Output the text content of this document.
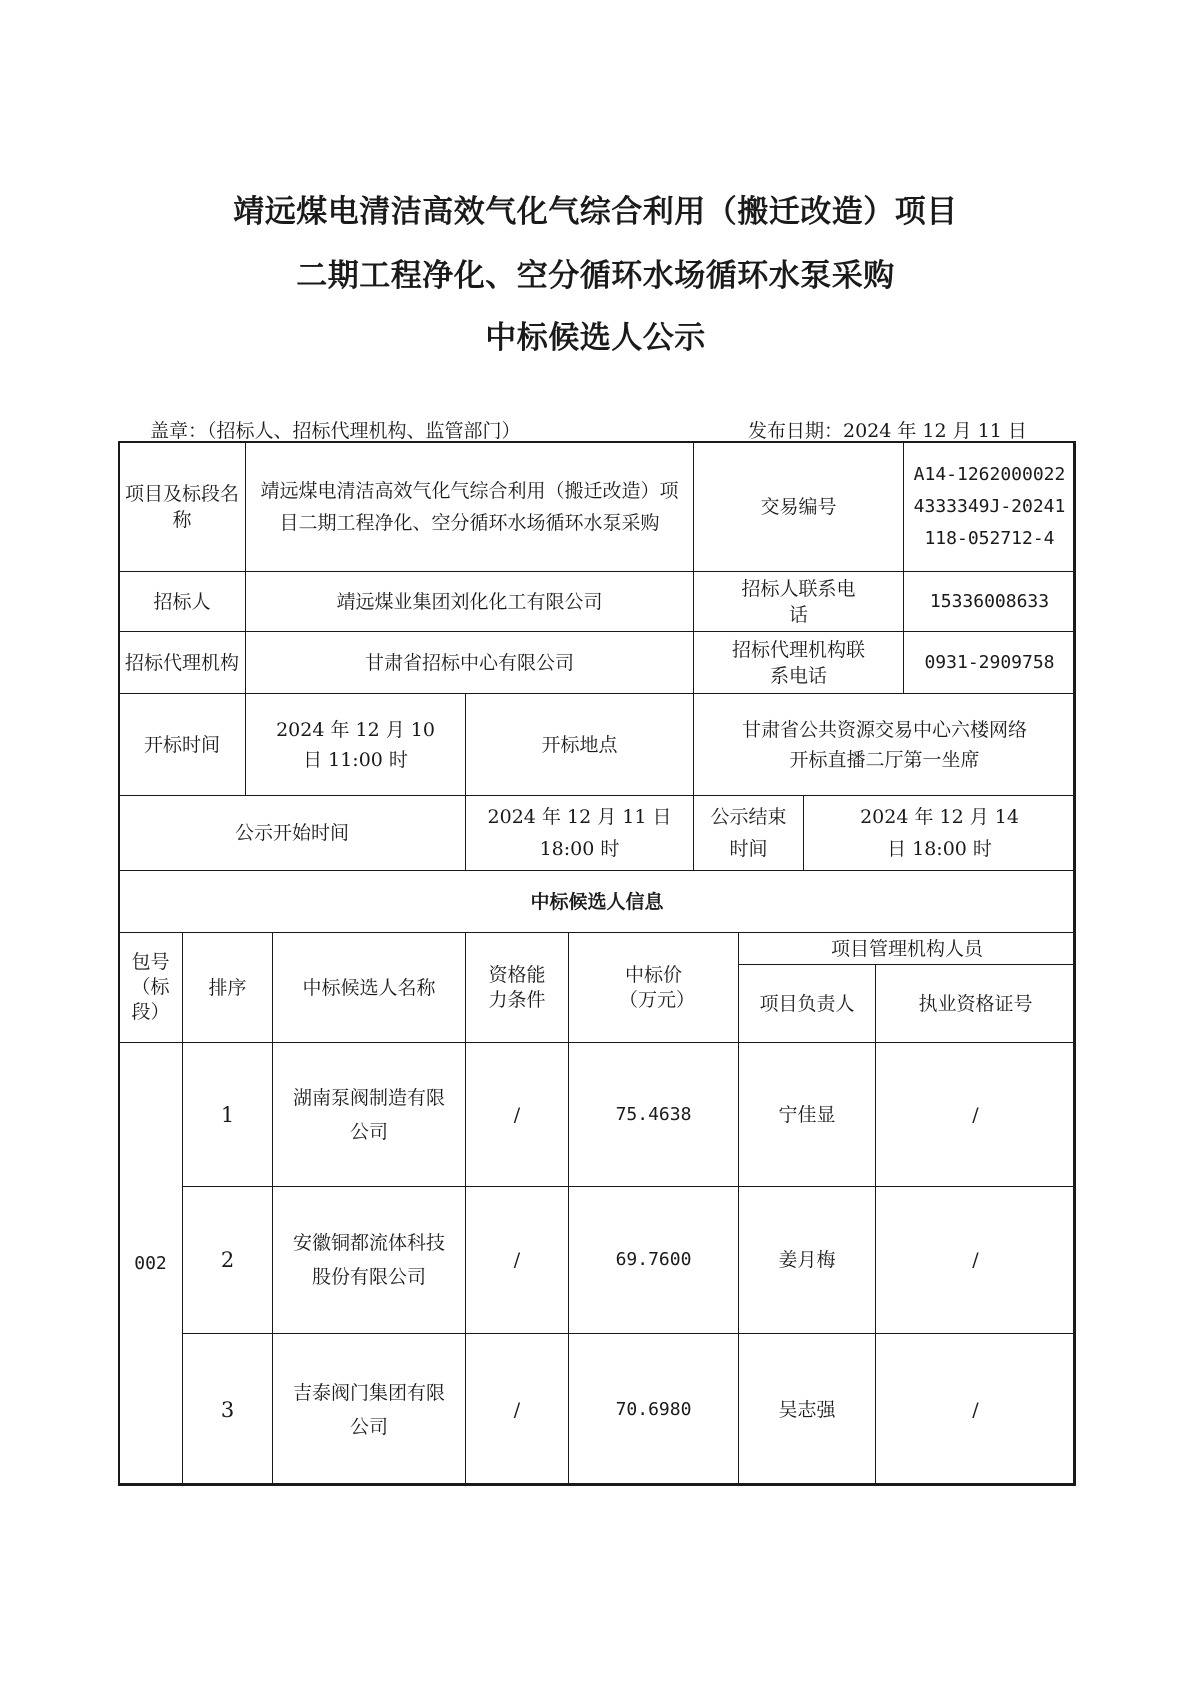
靖远煤电清洁高效气化气综合利用（搬迁改造）项目
二期工程净化、空分循环水场循环水泵采购
中标候选人公示
盖章：（招标人、招标代理机构、监管部门）	发布日期：2024 年 12 月 11 日
项目及标段名称	靖远煤电清洁高效气化气综合利用（搬迁改造）项目二期工程净化、空分循环水场循环水泵采购	交易编号	A14-12620000224333349J-20241118-052712-4
招标人	靖远煤业集团刘化化工有限公司	招标人联系电话	15336008633
招标代理机构	甘肃省招标中心有限公司	招标代理机构联系电话	0931-2909758
开标时间	2024 年 12 月 10 日 11:00 时	开标地点	甘肃省公共资源交易中心六楼网络开标直播二厅第一坐席
公示开始时间	2024 年 12 月 11 日 18:00 时	公示结束时间	2024 年 12 月 14 日 18:00 时
中标候选人信息						
包号（标段）	排序	中标候选人名称	资格能力条件	中标价（万元）	项目管理机构人员	
					项目负责人	执业资格证号
002	1	湖南泵阀制造有限公司	/	75.4638	宁佳显	/
	2	安徽铜都流体科技股份有限公司	/	69.7600	姜月梅	/
	3	吉泰阀门集团有限公司	/	70.6980	吴志强	/
